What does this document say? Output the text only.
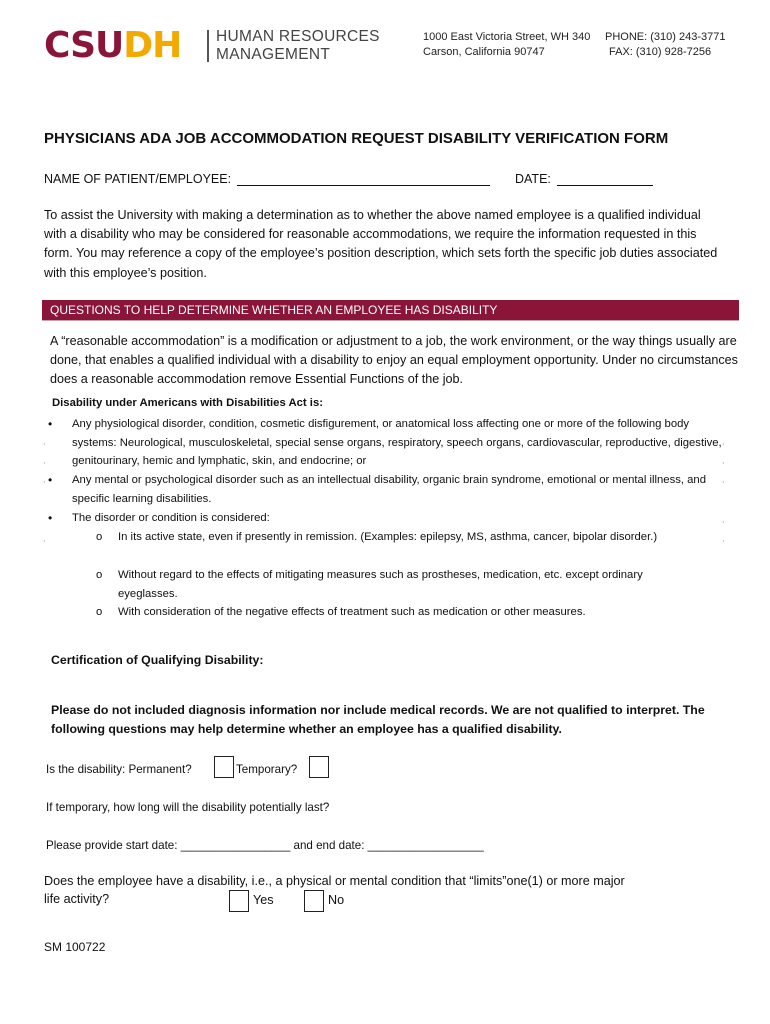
CSUDH HUMAN RESOURCES
MANAGEMENT
1000 East Victoria Street, WH 340
Carson, California 90747
PHONE: (310) 243-3771
FAX: (310) 928-7256
PHYSICIANS ADA JOB ACCOMMODATION REQUEST DISABILITY VERIFICATION FORM
NAME OF PATIENT/EMPLOYEE:	DATE:
To assist the University with making a determination as to whether the above named employee is a qualified individual with a disability who may be considered for reasonable accommodations, we require the information requested in this form. You may reference a copy of the employee’s position description, which sets forth the specific job duties associated with this employee’s position.
QUESTIONS TO HELP DETERMINE WHETHER AN EMPLOYEE HAS DISABILITY
A “reasonable accommodation” is a modification or adjustment to a job, the work environment, or the way things usually are done, that enables a qualified individual with a disability to enjoy an equal employment opportunity. Under no circumstances does a reasonable accommodation remove Essential Functions of the job.
Disability under Americans with Disabilities Act is:
• Any physiological disorder, condition, cosmetic disfigurement, or anatomical loss affecting one or more of the following body systems: Neurological, musculoskeletal, special sense organs, respiratory, speech organs, cardiovascular, reproductive, digestive, genitourinary, hemic and lymphatic, skin, and endocrine; or
• Any mental or psychological disorder such as an intellectual disability, organic brain syndrome, emotional or mental illness, and specific learning disabilities.
• The disorder or condition is considered:
o In its active state, even if presently in remission. (Examples: epilepsy, MS, asthma, cancer, bipolar disorder.)
o Without regard to the effects of mitigating measures such as prostheses, medication, etc. except ordinary eyeglasses.
o With consideration of the negative effects of treatment such as medication or other measures.
·
·
·
·
·
·
·
·
·
Certification of Qualifying Disability:
Please do not included diagnosis information nor include medical records. We are not qualified to interpret. The following questions may help determine whether an employee has a qualified disability.
Is the disability: Permanent?	Temporary?
If temporary, how long will the disability potentially last?
Please provide start date: _________________ and end date: __________________
Does the employee have a disability, i.e., a physical or mental condition that “limits”one(1) or more major life activity?	Yes	No
SM 100722
